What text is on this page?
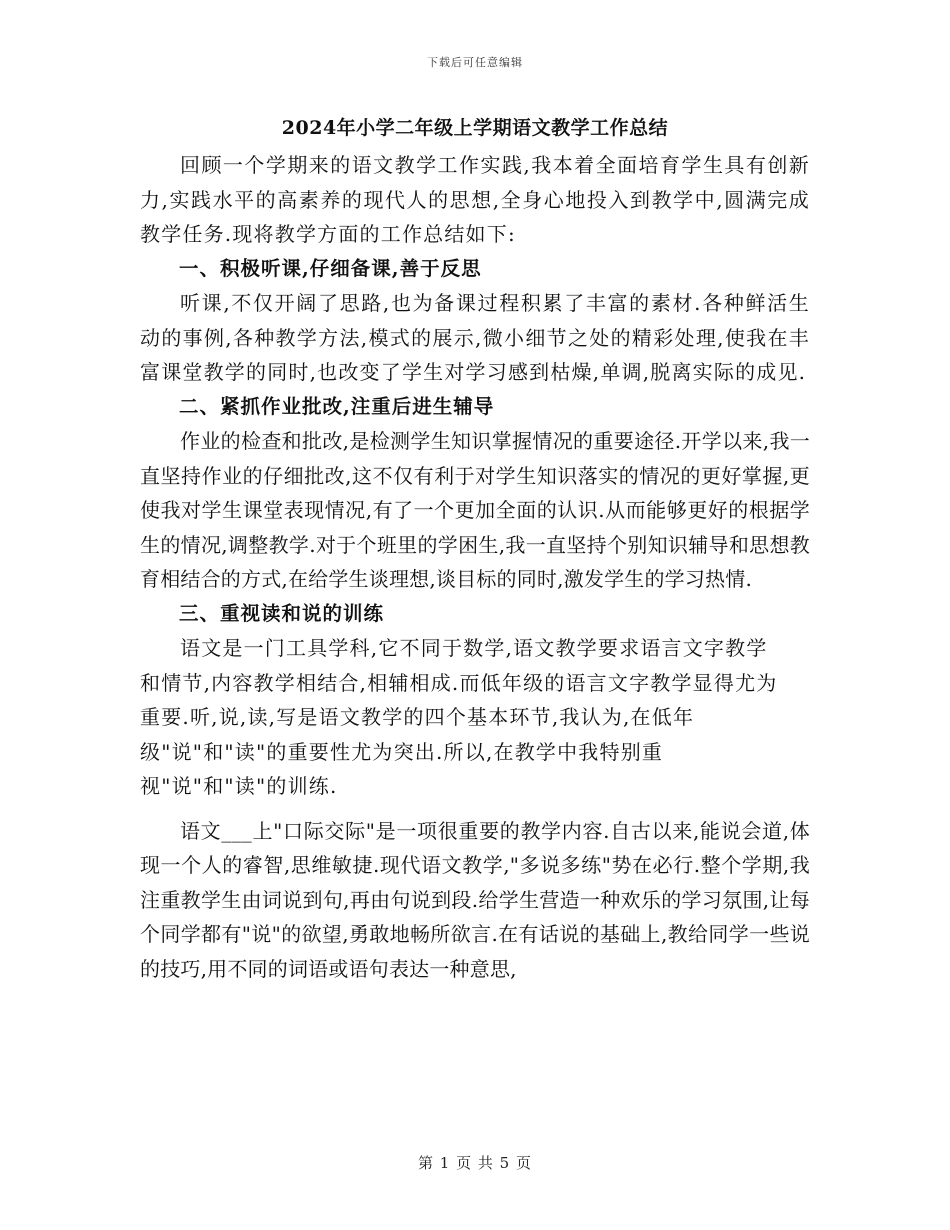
下载后可任意编辑
2024年小学二年级上学期语文教学工作总结

回顾一个学期来的语文教学工作实践,我本着全面培育学生具有创新力,实践水平的高素养的现代人的思想,全身心地投入到教学中,圆满完成教学任务.现将教学方面的工作总结如下:

一、积极听课,仔细备课,善于反思

听课,不仅开阔了思路,也为备课过程积累了丰富的素材.各种鲜活生动的事例,各种教学方法,模式的展示,微小细节之处的精彩处理,使我在丰富课堂教学的同时,也改变了学生对学习感到枯燥,单调,脱离实际的成见.

二、紧抓作业批改,注重后进生辅导

作业的检查和批改,是检测学生知识掌握情况的重要途径.开学以来,我一直坚持作业的仔细批改,这不仅有利于对学生知识落实的情况的更好掌握,更使我对学生课堂表现情况,有了一个更加全面的认识.从而能够更好的根据学生的情况,调整教学.对于个班里的学困生,我一直坚持个别知识辅导和思想教育相结合的方式,在给学生谈理想,谈目标的同时,激发学生的学习热情.

三、重视读和说的训练

语文是一门工具学科,它不同于数学,语文教学要求语言文字教学

和情节,内容教学相结合,相辅相成.而低年级的语言文字教学显得尤为

重要.听,说,读,写是语文教学的四个基本环节,我认为,在低年

级"说"和"读"的重要性尤为突出.所以,在教学中我特别重

视"说"和"读"的训练.

语文___上"口际交际"是一项很重要的教学内容.自古以来,能说会道,体现一个人的睿智,思维敏捷.现代语文教学,"多说多练"势在必行.整个学期,我注重教学生由词说到句,再由句说到段.给学生营造一种欢乐的学习氛围,让每个同学都有"说"的欲望,勇敢地畅所欲言.在有话说的基础上,教给同学一些说的技巧,用不同的词语或语句表达一种意思,

第 1 页 共 5 页
